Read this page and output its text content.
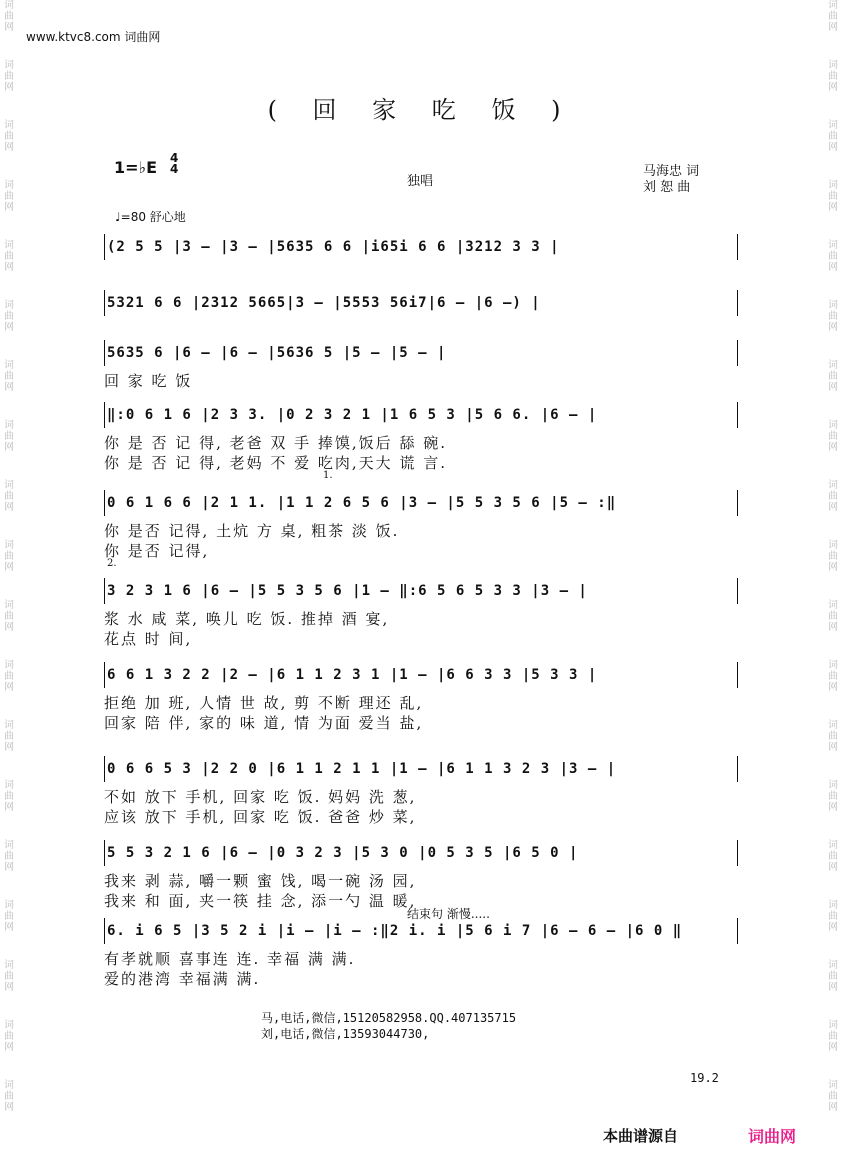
词曲网
词曲网
词曲网
词曲网
词曲网
词曲网
词曲网
词曲网
词曲网
词曲网
词曲网
词曲网
词曲网
词曲网
词曲网
词曲网
词曲网
词曲网
词曲网
词曲网
词曲网
词曲网
词曲网
词曲网
词曲网
词曲网
词曲网
词曲网
词曲网
词曲网
词曲网
词曲网
词曲网
词曲网
词曲网
词曲网
词曲网
词曲网
www.ktvc8.com 词曲网
( 回 家 吃 饭 )
1=♭E 4
4
独唱
马海忠 词
刘 恕 曲
♩=80 舒心地
(2 5 5 |3 – |3 – |5635 6 6 |i65i 6 6 |3212 3 3 |
5321 6 6 |2312 5665|3 – |5553 56i7|6 – |6 –) |
5635 6 |6 – |6 – |5636 5 |5 – |5 – |
回 家 吃 饭
‖:0 6 1 6 |2 3 3. |0 2 3 2 1 |1 6 5 3 |5 6 6. |6 – |
你 是 否 记 得, 老爸 双 手 捧馍,饭后 舔 碗.
你 是 否 记 得, 老妈 不 爱 吃肉,天大 谎 言.
0 6 1 6 6 |2 1 1. |1 1 2 6 5 6 |3 – |5 5 3 5 6 |5 – :‖
你 是否 记得, 土炕 方 桌, 粗茶 淡 饭.
你 是否 记得,
3 2 3 1 6 |6 – |5 5 3 5 6 |1 – ‖:6 5 6 5 3 3 |3 – |
浆 水 咸 菜, 唤儿 吃 饭. 推掉 酒 宴,
花点 时 间,
6 6 1 3 2 2 |2 – |6 1 1 2 3 1 |1 – |6 6 3 3 |5 3 3 |
拒绝 加 班, 人情 世 故, 剪 不断 理还 乱,
回家 陪 伴, 家的 味 道, 情 为面 爱当 盐,
0 6 6 5 3 |2 2 0 |6 1 1 2 1 1 |1 – |6 1 1 3 2 3 |3 – |
不如 放下 手机, 回家 吃 饭. 妈妈 洗 葱,
应该 放下 手机, 回家 吃 饭. 爸爸 炒 菜,
5 5 3 2 1 6 |6 – |0 3 2 3 |5 3 0 |0 5 3 5 |6 5 0 |
我来 剥 蒜, 嚼一颗 蜜 饯, 喝一碗 汤 园,
我来 和 面, 夹一筷 挂 念, 添一勺 温 暖,
6. i 6 5 |3 5 2 i |i – |i – :‖2 i. i |5 6 i 7 |6 – 6 – |6 0 ‖
有孝就顺 喜事连 连. 幸福 满 满.
爱的港湾 幸福满 满.
1.
2.
结束句 渐慢.....
马,电话,微信,15120582958.QQ.407135715
刘,电话,微信,13593044730,
19.2
本曲谱源自	词曲网
